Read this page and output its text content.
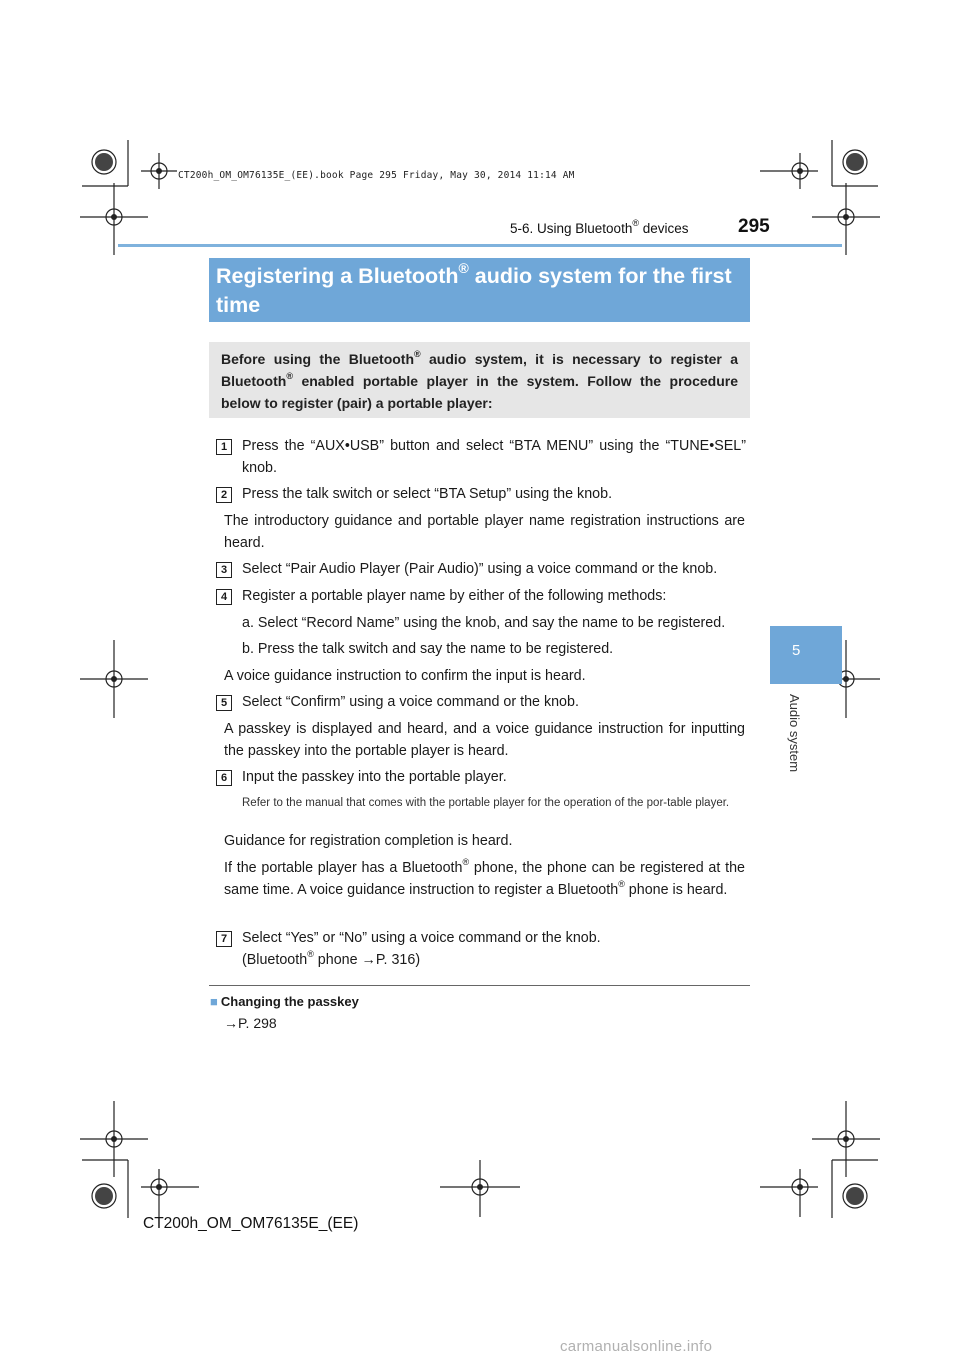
CT200h_OM_OM76135E_(EE).book Page 295 Friday, May 30, 2014 11:14 AM
5-6. Using Bluetooth® devices	295
5
Audio system
Registering a Bluetooth® audio system for the first time
Before using the Bluetooth® audio system, it is necessary to register a Bluetooth® enabled portable player in the system. Follow the procedure below to register (pair) a portable player:
1	Press the “AUX•USB” button and select “BTA MENU” using the “TUNE•SEL” knob.
2	Press the talk switch or select “BTA Setup” using the knob.
The introductory guidance and portable player name registration instructions are heard.
3	Select “Pair Audio Player (Pair Audio)” using a voice command or the knob.
4	Register a portable player name by either of the following methods:
a. Select “Record Name” using the knob, and say the name to be registered.
b. Press the talk switch and say the name to be registered.
A voice guidance instruction to confirm the input is heard.
5	Select “Confirm” using a voice command or the knob.
A passkey is displayed and heard, and a voice guidance instruction for inputting the passkey into the portable player is heard.
6	Input the passkey into the portable player.
Refer to the manual that comes with the portable player for the operation of the por-table player.
Guidance for registration completion is heard.
If the portable player has a Bluetooth® phone, the phone can be registered at the same time. A voice guidance instruction to register a Bluetooth® phone is heard.
7	Select “Yes” or “No” using a voice command or the knob.
(Bluetooth® phone →P. 316)
■ Changing the passkey
→P. 298
CT200h_OM_OM76135E_(EE)
carmanualsonline.info
